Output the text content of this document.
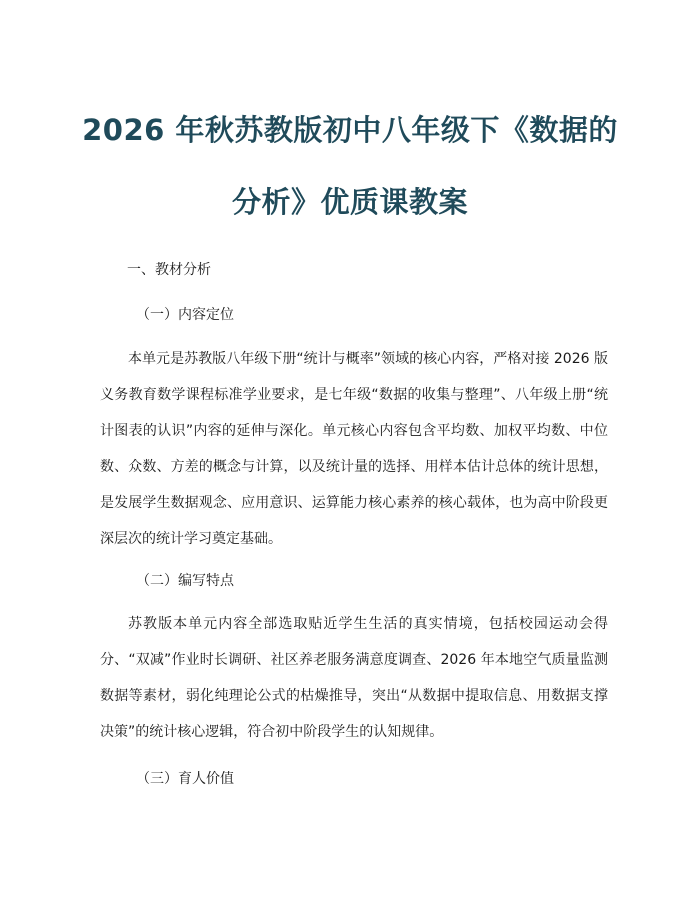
2026 年秋苏教版初中八年级下《数据的
分析》优质课教案
一、教材分析
（一）内容定位
本单元是苏教版八年级下册“统计与概率”领域的核心内容，严格对接 2026 版义务教育数学课程标准学业要求，是七年级“数据的收集与整理”、八年级上册“统计图表的认识”内容的延伸与深化。单元核心内容包含平均数、加权平均数、中位数、众数、方差的概念与计算，以及统计量的选择、用样本估计总体的统计思想，是发展学生数据观念、应用意识、运算能力核心素养的核心载体，也为高中阶段更深层次的统计学习奠定基础。
（二）编写特点
苏教版本单元内容全部选取贴近学生生活的真实情境，包括校园运动会得分、“双减”作业时长调研、社区养老服务满意度调查、2026 年本地空气质量监测数据等素材，弱化纯理论公式的枯燥推导，突出“从数据中提取信息、用数据支撑决策”的统计核心逻辑，符合初中阶段学生的认知规律。
（三）育人价值
